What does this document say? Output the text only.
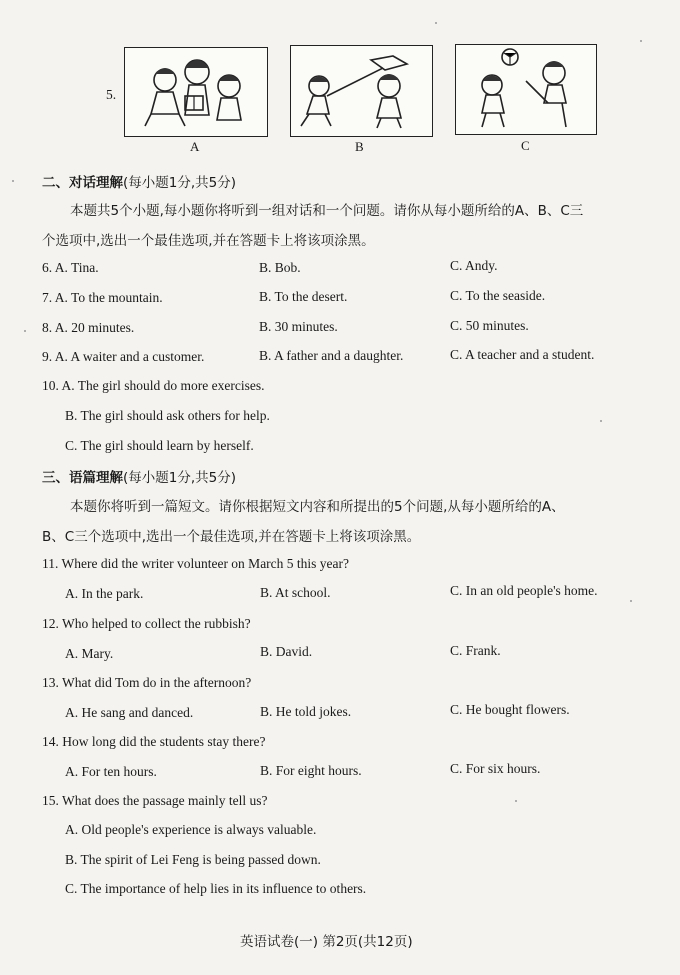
5.
A	B	C
二、对话理解(每小题1分,共5分)
本题共5个小题,每小题你将听到一组对话和一个问题。请你从每小题所给的A、B、C三
个选项中,选出一个最佳选项,并在答题卡上将该项涂黑。
6. A. Tina.	B. Bob.	C. Andy.
7. A. To the mountain.	B. To the desert.	C. To the seaside.
8. A. 20 minutes.	B. 30 minutes.	C. 50 minutes.
9. A. A waiter and a customer.	B. A father and a daughter.	C. A teacher and a student.
10. A. The girl should do more exercises.
B. The girl should ask others for help.
C. The girl should learn by herself.
三、语篇理解(每小题1分,共5分)
本题你将听到一篇短文。请你根据短文内容和所提出的5个问题,从每小题所给的A、
B、C三个选项中,选出一个最佳选项,并在答题卡上将该项涂黑。
11. Where did the writer volunteer on March 5 this year?
A. In the park.	B. At school.	C. In an old people's home.
12. Who helped to collect the rubbish?
A. Mary.	B. David.	C. Frank.
13. What did Tom do in the afternoon?
A. He sang and danced.	B. He told jokes.	C. He bought flowers.
14. How long did the students stay there?
A. For ten hours.	B. For eight hours.	C. For six hours.
15. What does the passage mainly tell us?
A. Old people's experience is always valuable.
B. The spirit of Lei Feng is being passed down.
C. The importance of help lies in its influence to others.
英语试卷(一) 第2页(共12页)
